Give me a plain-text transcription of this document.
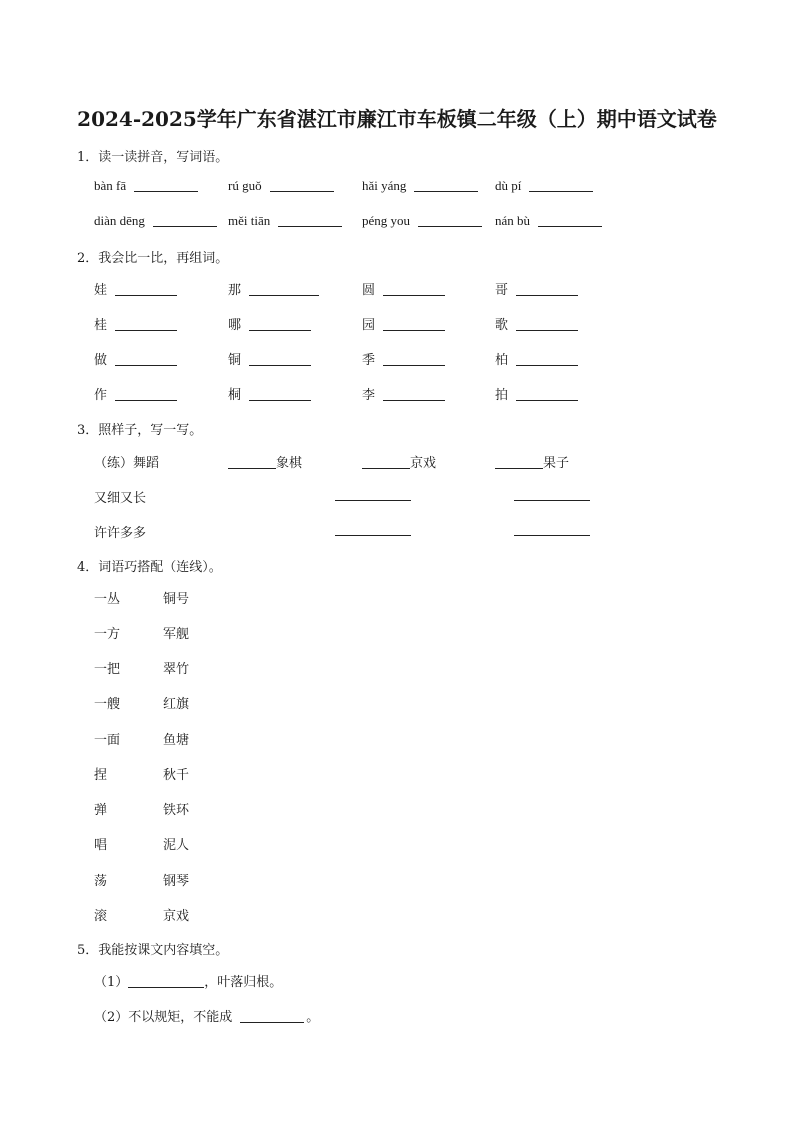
2024-2025学年广东省湛江市廉江市车板镇二年级（上）期中语文试卷
1．读一读拼音，写词语。
bàn fā	rú guǒ	hǎi yáng	dù pí
diàn dēng	měi tiān	péng you	nán bù
2．我会比一比，再组词。
娃	那	圆	哥
桂	哪	园	歌
做	铜	季	柏
作	桐	李	拍
3．照样子，写一写。
（练）舞蹈	象棋	京戏	果子
又细又长
许许多多
4．词语巧搭配（连线）。
一丛	铜号
一方	军舰
一把	翠竹
一艘	红旗
一面	鱼塘
捏	秋千
弹	铁环
唱	泥人
荡	钢琴
滚	京戏
5．我能按课文内容填空。
（1）	，叶落归根。
（2）不以规矩，不能成	。
